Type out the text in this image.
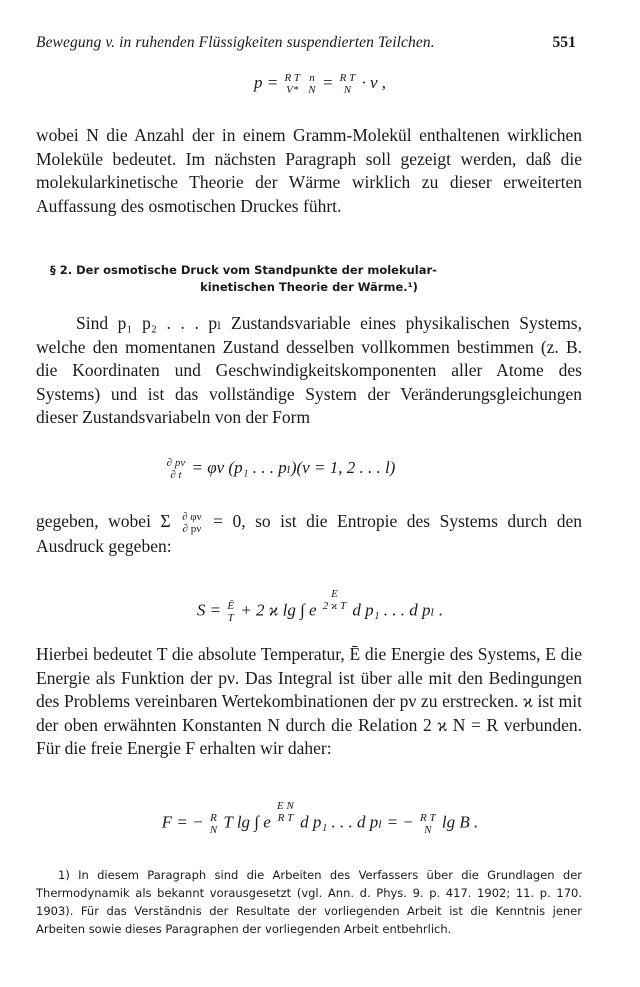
Bewegung v. in ruhenden Flüssigkeiten suspendierten Teilchen.	551
p = R T
V*

n
N = R T
N · ν ,
wobei N die Anzahl der in einem Gramm-Molekül enthaltenen wirklichen Moleküle bedeutet. Im nächsten Paragraph soll gezeigt werden, daß die molekularkinetische Theorie der Wärme wirklich zu dieser erweiterten Auffassung des osmotischen Druckes führt.
§ 2. Der osmotische Druck vom Standpunkte der molekular-
kinetischen Theorie der Wärme.¹)
Sind p₁ p₂ . . . pₗ Zustandsvariable eines physikalischen Systems, welche den momentanen Zustand desselben vollkommen bestimmen (z. B. die Koordinaten und Geschwindigkeitskomponenten aller Atome des Systems) und ist das vollständige System der Veränderungsgleichungen dieser Zustandsvariabeln von der Form
∂ pν
∂ t = φν (p₁ . . . pₗ)(ν = 1, 2 . . . l)
gegeben, wobei Σ ∂ φν
∂ pν = 0, so ist die Entropie des Systems durch den Ausdruck gegeben:
S = Ē
T + 2 ϰ lg ∫ e
E
2 ϰ T d p₁ . . . d pₗ .
Hierbei bedeutet T die absolute Temperatur, Ē die Energie des Systems, E die Energie als Funktion der pν. Das Integral ist über alle mit den Bedingungen des Problems vereinbaren Wertekombinationen der pν zu erstrecken. ϰ ist mit der oben erwähnten Konstanten N durch die Relation 2 ϰ N = R verbunden. Für die freie Energie F erhalten wir daher:
F = − R
N T lg ∫ e
E N
R T d p₁ . . . d pₗ = − R T
N lg B .
1) In diesem Paragraph sind die Arbeiten des Verfassers über die Grundlagen der Thermodynamik als bekannt vorausgesetzt (vgl. Ann. d. Phys. 9. p. 417. 1902; 11. p. 170. 1903). Für das Verständnis der Resultate der vorliegenden Arbeit ist die Kenntnis jener Arbeiten sowie dieses Paragraphen der vorliegenden Arbeit entbehrlich.
